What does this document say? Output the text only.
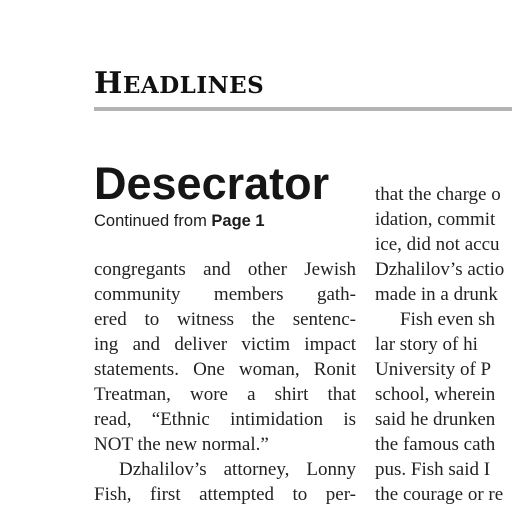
HEADLINES
Desecrator
Continued from Page 1
congregants and other Jewish
community members gath-
ered to witness the sentenc-
ing and deliver victim impact
statements. One woman, Ronit
Treatman, wore a shirt that
read, “Ethnic intimidation is
NOT the new normal.”
Dzhalilov’s attorney, Lonny
Fish, first attempted to per-
that the charge o
idation, commit
ice, did not accu
Dzhalilov’s actio
made in a drunk
Fish even sh
lar story of hi
University of P
school, wherein
said he drunken
the famous cath
pus. Fish said I
the courage or re
